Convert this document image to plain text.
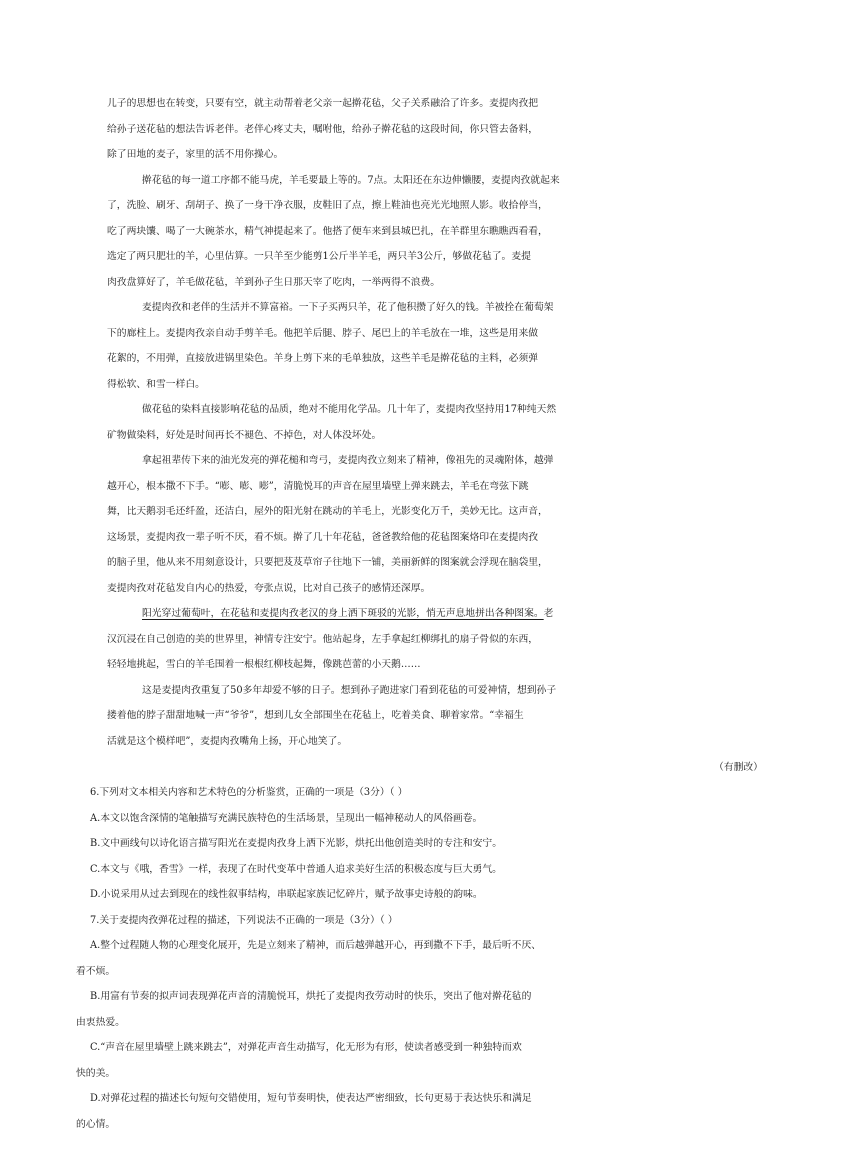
儿子的思想也在转变，只要有空，就主动帮着老父亲一起擀花毡，父子关系融洽了许多。麦提肉孜把
给孙子送花毡的想法告诉老伴。老伴心疼丈夫，嘱咐他，给孙子擀花毡的这段时间，你只管去备料，
除了田地的麦子，家里的活不用你操心。
擀花毡的每一道工序都不能马虎，羊毛要最上等的。7点。太阳还在东边伸懒腰，麦提肉孜就起来
了，洗脸、刷牙、刮胡子、换了一身干净衣服，皮鞋旧了点，擦上鞋油也亮光光地照人影。收拾停当，
吃了两块馕、喝了一大碗茶水，精气神提起来了。他搭了便车来到县城巴扎，在羊群里东瞧瞧西看看，
选定了两只肥壮的羊，心里估算。一只羊至少能剪1公斤半羊毛，两只羊3公斤，够做花毡了。麦提
肉孜盘算好了，羊毛做花毡，羊到孙子生日那天宰了吃肉，一举两得不浪费。
麦提肉孜和老伴的生活并不算富裕。一下子买两只羊，花了他积攒了好久的钱。羊被拴在葡萄架
下的廊柱上。麦提肉孜亲自动手剪羊毛。他把羊后腿、脖子、尾巴上的羊毛放在一堆，这些是用来做
花絮的，不用弹，直接放进锅里染色。羊身上剪下来的毛单独放，这些羊毛是擀花毡的主料，必须弹
得松软、和雪一样白。
做花毡的染料直接影响花毡的品质，绝对不能用化学品。几十年了，麦提肉孜坚持用17种纯天然
矿物做染料，好处是时间再长不褪色、不掉色，对人体没坏处。
拿起祖辈传下来的油光发亮的弹花槌和弯弓，麦提肉孜立刻来了精神，像祖先的灵魂附体，越弹
越开心，根本撒不下手。“嘭、嘭、嘭”，清脆悦耳的声音在屋里墙壁上弹来跳去，羊毛在弯弦下跳
舞，比天鹅羽毛还纤盈，还洁白，屋外的阳光射在跳动的羊毛上，光影变化万千，美妙无比。这声音，
这场景，麦提肉孜一辈子听不厌，看不烦。擀了几十年花毡，爸爸教给他的花毡图案烙印在麦提肉孜
的脑子里，他从来不用刻意设计，只要把芨芨草帘子往地下一铺，美丽新鲜的图案就会浮现在脑袋里，
麦提肉孜对花毡发自内心的热爱，夸张点说，比对自己孩子的感情还深厚。
阳光穿过葡萄叶，在花毡和麦提肉孜老汉的身上洒下斑驳的光影，悄无声息地拼出各种图案。老
汉沉浸在自己创造的美的世界里，神情专注安宁。他站起身，左手拿起红柳绑扎的扇子骨似的东西，
轻轻地挑起，雪白的羊毛围着一根根红柳枝起舞，像跳芭蕾的小天鹅……
这是麦提肉孜重复了50多年却爱不够的日子。想到孙子跑进家门看到花毡的可爱神情，想到孙子
搂着他的脖子甜甜地喊一声“爷爷”，想到儿女全部围坐在花毡上，吃着美食、聊着家常。“幸福生
活就是这个模样吧”，麦提肉孜嘴角上扬，开心地笑了。
（有删改）
6.下列对文本相关内容和艺术特色的分析鉴赏，正确的一项是（3分）（ ）
A.本文以饱含深情的笔触描写充满民族特色的生活场景，呈现出一幅神秘动人的风俗画卷。
B.文中画线句以诗化语言描写阳光在麦提肉孜身上洒下光影，烘托出他创造美时的专注和安宁。
C.本文与《哦，香雪》一样，表现了在时代变革中普通人追求美好生活的积极态度与巨大勇气。
D.小说采用从过去到现在的线性叙事结构，串联起家族记忆碎片，赋予故事史诗般的韵味。
7.关于麦提肉孜弹花过程的描述，下列说法不正确的一项是（3分）（ ）
A.整个过程随人物的心理变化展开，先是立刻来了精神，而后越弹越开心，再到撒不下手，最后听不厌、
看不烦。
B.用富有节奏的拟声词表现弹花声音的清脆悦耳，烘托了麦提肉孜劳动时的快乐，突出了他对擀花毡的
由衷热爱。
C.“声音在屋里墙壁上跳来跳去”，对弹花声音生动描写，化无形为有形，使读者感受到一种独特而欢
快的美。
D.对弹花过程的描述长句短句交错使用，短句节奏明快，使表达严密细致，长句更易于表达快乐和满足
的心情。
